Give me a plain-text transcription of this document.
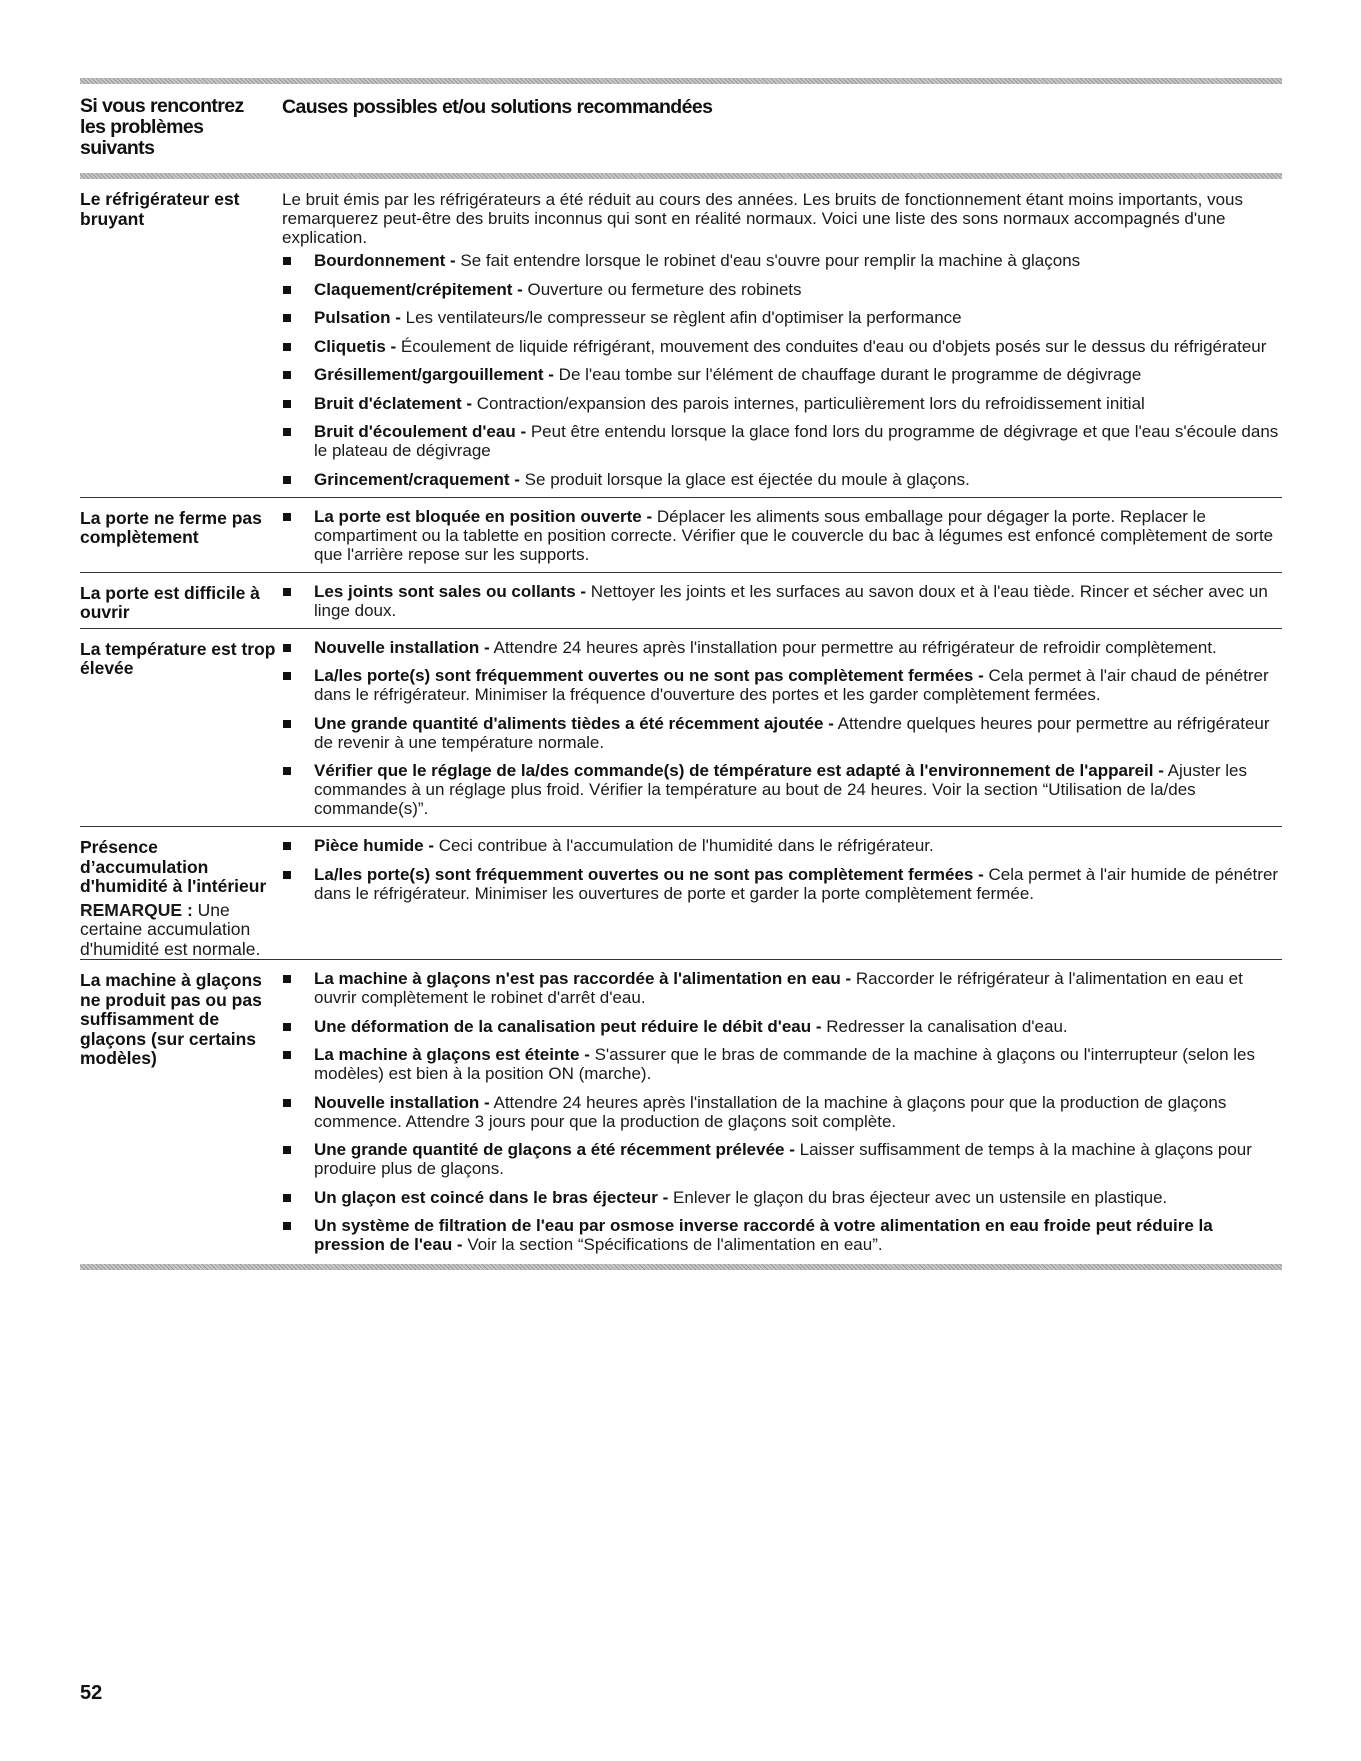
Si vous rencontrez les problèmes suivants
Causes possibles et/ou solutions recommandées
Le réfrigérateur est bruyant
Le bruit émis par les réfrigérateurs a été réduit au cours des années. Les bruits de fonctionnement étant moins importants, vous remarquerez peut-être des bruits inconnus qui sont en réalité normaux. Voici une liste des sons normaux accompagnés d'une explication.
Bourdonnement - Se fait entendre lorsque le robinet d'eau s'ouvre pour remplir la machine à glaçons
Claquement/crépitement - Ouverture ou fermeture des robinets
Pulsation - Les ventilateurs/le compresseur se règlent afin d'optimiser la performance
Cliquetis - Écoulement de liquide réfrigérant, mouvement des conduites d'eau ou d'objets posés sur le dessus du réfrigérateur
Grésillement/gargouillement - De l'eau tombe sur l'élément de chauffage durant le programme de dégivrage
Bruit d'éclatement - Contraction/expansion des parois internes, particulièrement lors du refroidissement initial
Bruit d'écoulement d'eau - Peut être entendu lorsque la glace fond lors du programme de dégivrage et que l'eau s'écoule dans le plateau de dégivrage
Grincement/craquement - Se produit lorsque la glace est éjectée du moule à glaçons.
La porte ne ferme pas complètement
La porte est bloquée en position ouverte - Déplacer les aliments sous emballage pour dégager la porte. Replacer le compartiment ou la tablette en position correcte. Vérifier que le couvercle du bac à légumes est enfoncé complètement de sorte que l'arrière repose sur les supports.
La porte est difficile à ouvrir
Les joints sont sales ou collants - Nettoyer les joints et les surfaces au savon doux et à l'eau tiède. Rincer et sécher avec un linge doux.
La température est trop élevée
Nouvelle installation - Attendre 24 heures après l'installation pour permettre au réfrigérateur de refroidir complètement.
La/les porte(s) sont fréquemment ouvertes ou ne sont pas complètement fermées - Cela permet à l'air chaud de pénétrer dans le réfrigérateur. Minimiser la fréquence d'ouverture des portes et les garder complètement fermées.
Une grande quantité d'aliments tièdes a été récemment ajoutée - Attendre quelques heures pour permettre au réfrigérateur de revenir à une température normale.
Vérifier que le réglage de la/des commande(s) de témpérature est adapté à l'environnement de l'appareil - Ajuster les commandes à un réglage plus froid. Vérifier la température au bout de 24 heures. Voir la section “Utilisation de la/des commande(s)”.
Présence d’accumulation d'humidité à l'intérieur
REMARQUE : Une certaine accumulation d'humidité est normale.
Pièce humide - Ceci contribue à l'accumulation de l'humidité dans le réfrigérateur.
La/les porte(s) sont fréquemment ouvertes ou ne sont pas complètement fermées - Cela permet à l'air humide de pénétrer dans le réfrigérateur. Minimiser les ouvertures de porte et garder la porte complètement fermée.
La machine à glaçons ne produit pas ou pas suffisamment de glaçons (sur certains modèles)
La machine à glaçons n'est pas raccordée à l'alimentation en eau - Raccorder le réfrigérateur à l'alimentation en eau et ouvrir complètement le robinet d'arrêt d'eau.
Une déformation de la canalisation peut réduire le débit d'eau - Redresser la canalisation d'eau.
La machine à glaçons est éteinte - S'assurer que le bras de commande de la machine à glaçons ou l'interrupteur (selon les modèles) est bien à la position ON (marche).
Nouvelle installation - Attendre 24 heures après l'installation de la machine à glaçons pour que la production de glaçons commence. Attendre 3 jours pour que la production de glaçons soit complète.
Une grande quantité de glaçons a été récemment prélevée - Laisser suffisamment de temps à la machine à glaçons pour produire plus de glaçons.
Un glaçon est coincé dans le bras éjecteur - Enlever le glaçon du bras éjecteur avec un ustensile en plastique.
Un système de filtration de l'eau par osmose inverse raccordé à votre alimentation en eau froide peut réduire la pression de l'eau - Voir la section “Spécifications de l'alimentation en eau”.
52
